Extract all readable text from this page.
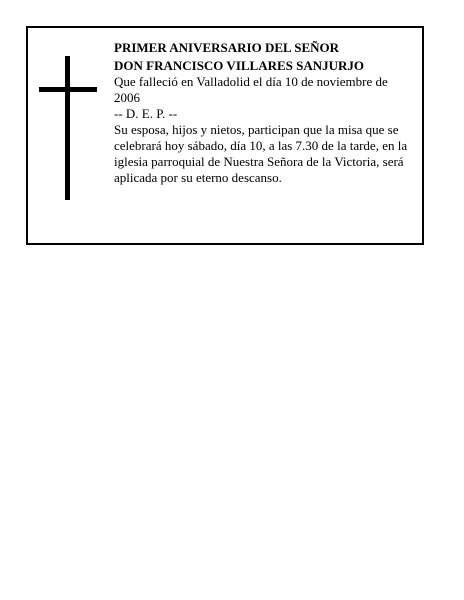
PRIMER ANIVERSARIO DEL SEÑOR
DON FRANCISCO VILLARES SANJURJO
Que falleció en Valladolid el día 10 de noviembre de 2006
-- D. E. P. --
Su esposa, hijos y nietos, participan que la misa que se celebrará hoy sábado, día 10, a las 7.30 de la tarde, en la iglesia parroquial de Nuestra Señora de la Victoria, será aplicada por su eterno descanso.
